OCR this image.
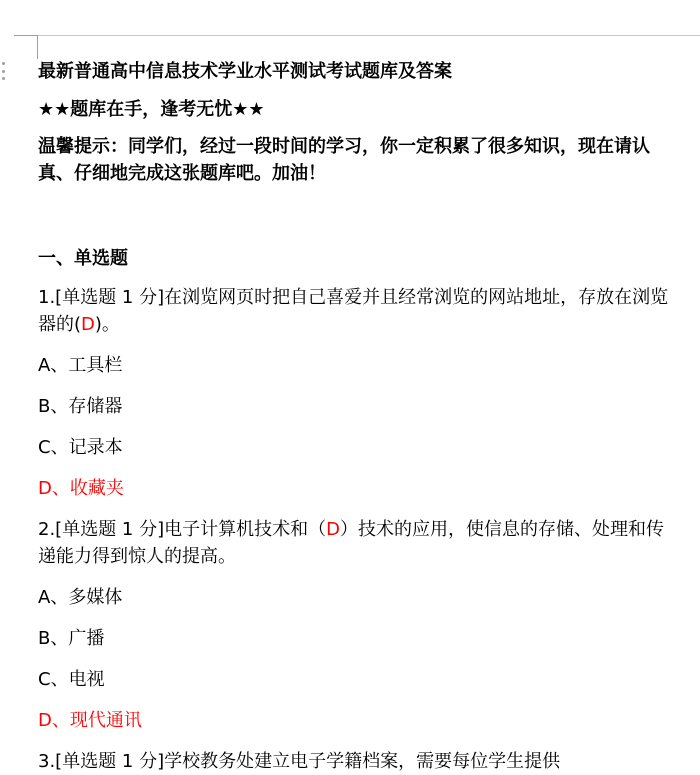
最新普通高中信息技术学业水平测试考试题库及答案

★★题库在手，逢考无忧★★

温馨提示：同学们，经过一段时间的学习，你一定积累了很多知识，现在请认真、仔细地完成这张题库吧。加油！

一、单选题

1.[单选题 1 分]在浏览网页时把自己喜爱并且经常浏览的网站地址，存放在浏览器的(D)。

A、工具栏

B、存储器

C、记录本

D、收藏夹

2.[单选题 1 分]电子计算机技术和（D）技术的应用，使信息的存储、处理和传递能力得到惊人的提高。

A、多媒体

B、广播

C、电视

D、现代通讯

3.[单选题 1 分]学校教务处建立电子学籍档案，需要每位学生提供
